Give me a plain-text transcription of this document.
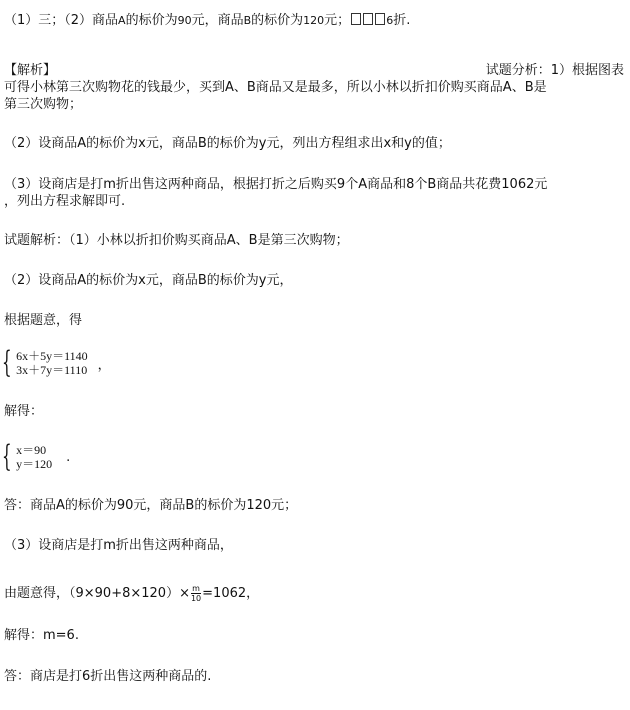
（1）三；（2）商品A的标价为90元，商品B的标价为120元；	6折.
【解析】	试题分析：1）根据图表
可得小林第三次购物花的钱最少，买到A、B商品又是最多，所以小林以折扣价购买商品A、B是
第三次购物；
（2）设商品A的标价为x元，商品B的标价为y元，列出方程组求出x和y的值；
（3）设商店是打m折出售这两种商品，根据打折之后购买9个A商品和8个B商品共花费1062元
，列出方程求解即可.
试题解析：（1）小林以折扣价购买商品A、B是第三次购物；
（2）设商品A的标价为x元，商品B的标价为y元，
根据题意，得
{ 6x＋5y＝1140
3x＋7y＝1110 ，
解得：
{ x＝90
y＝120 .
答：商品A的标价为90元，商品B的标价为120元；
（3）设商店是打m折出售这两种商品，
由题意得，$(9\times 90+8\times 120)\times \frac{m}{10} =1062$，
解得：m=6.
答：商店是打6折出售这两种商品的.
